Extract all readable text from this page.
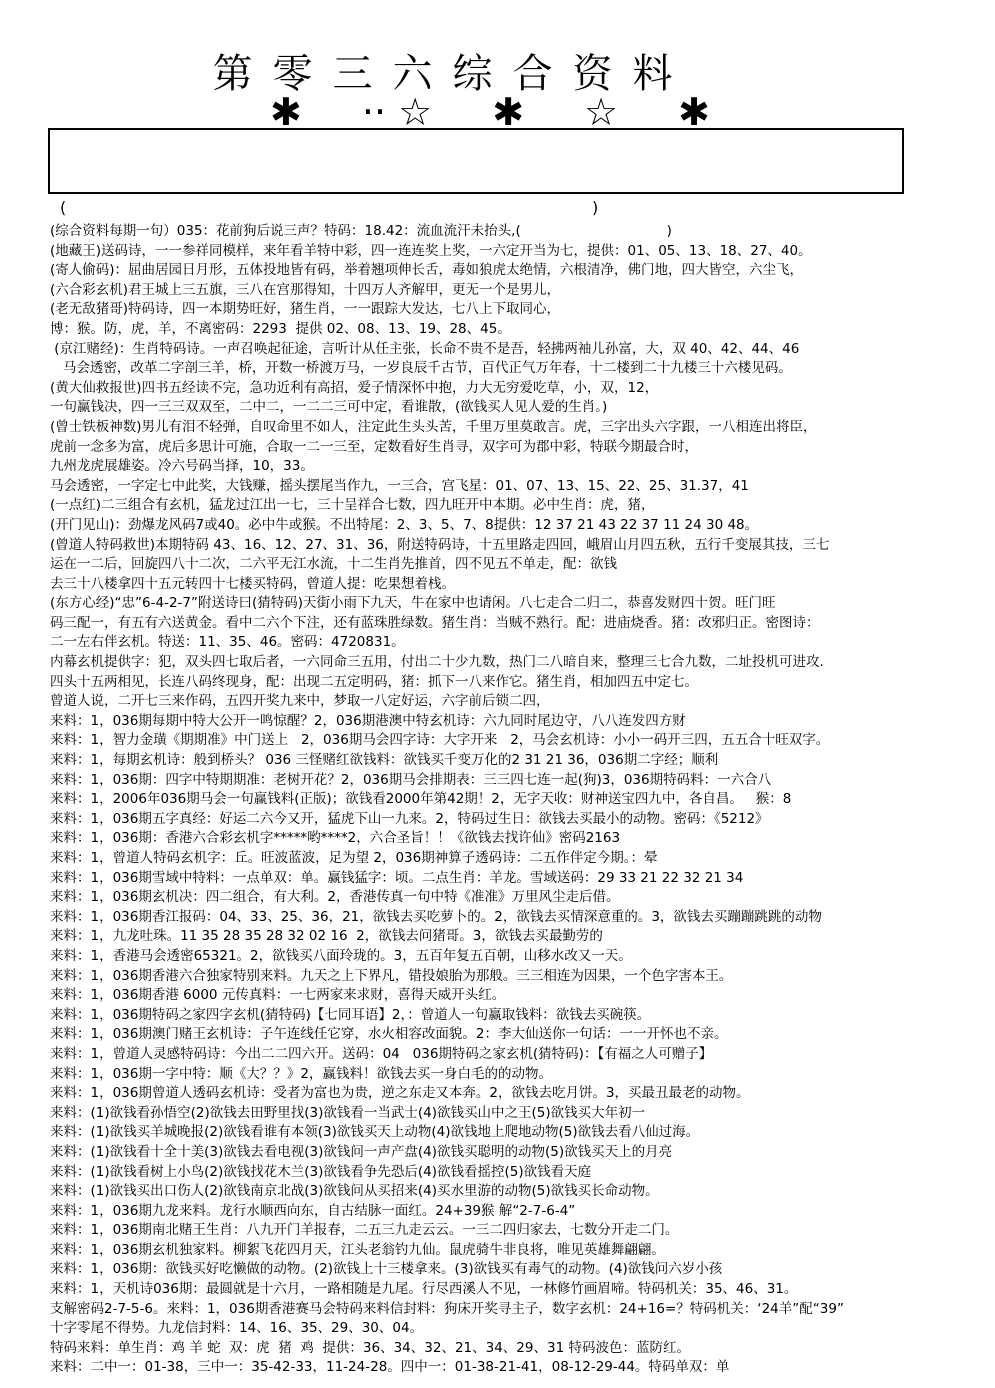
第零三六综合资料
✱ ·· ☆ ✱ ☆ ✱
(	)
(综合资料每期一句）035：花前狗后说三声？特码：18.42：流血流汗未抬头,(                                  )
(地藏王)送码诗，一一参祥同模样，来年看羊特中彩，四一连连奖上奖，一六定开当为七，提供：01、05、13、18、27、40。
(寄人偷码)：屈曲居园日月形，五体投地皆有码，举着翘项伸长舌，毒如狼虎太绝情，六根清净，佛门地，四大皆空，六尘飞，
(六合彩玄机)君王城上三五旗，三八在宫那得知，十四万人齐解甲，更无一个是男儿，
(老无敌猪哥)特码诗，四一本期势旺好，猪生肖，一一跟踪大发达，七八上下取同心，
博：猴。防，虎，羊，不离密码：2293  提供 02、08、13、19、28、45。
(京江赌经)：生肖特码诗。一声召唤起征途，言听计从任主张，长命不贵不是吾，轻拂两袖儿孙富，大，双 40、42、44、46
马会透密，改革二字剖三羊，桥，开数一桥渡万马，一岁良辰千古节，百代正气万年春，十二楼到二十九楼三十六楼见码。
(黄大仙救报世)四书五经读不完，急功近利有高招，爱子情深怀中抱，力大无穷爱吃草，小，双，12，
一句赢钱决，四一三三双双至，二中二，一二二三可中定，看谁散，(欲钱买人见人爱的生肖。)
(曾士铁板神数)男儿有泪不轻弹，自叹命里不如人，注定此生头头苦，千里万里莫敢言。虎，三字出头六字跟，一八相连出将臣，
虎前一念多为富，虎后多思计可施，合取一二一三至，定数看好生肖寻，双字可为郡中彩，特联今期最合时，
九州龙虎展雄姿。冷六号码当择，10，33。
马会透密，一字定七中此奖，大钱赚，摇头摆尾当作九，一三合，宫飞星：01、07、13、15、22、25、31.37，41
(一点红)二三组合有玄机，猛龙过江出一七，三十呈祥合七数，四九旺开中本期。必中生肖：虎，猪，
(开门见山)：劲爆龙风码7或40。必中牛或猴。不出特尾：2、3、5、7、8提供：12 37 21 43 22 37 11 24 30 48。
(曾道人特码救世)本期特码 43、16、12、27、31、36，附送特码诗，十五里路走四回，峨眉山月四五秋，五行千变展其技，三七
运在一二后，回旋四八十二次，二六平无江水流，十二生肖先推首，四不见五不单走，配：欲钱
去三十八楼拿四十五元转四十七楼买特码，曾道人提：吃果想着栈。
(东方心经)“忠”6-4-2-7”附送诗曰(猜特码)天街小雨下九天，牛在家中也请闲。八七走合二归二，恭喜发财四十贺。旺门旺
码三配一，有五有六送黄金。看中二六个下注，还有蓝珠胜绿数。猪生肖：当贼不熟行。配：进庙烧香。猪：改邪归正。密图诗：
二一左右伴玄机。特送：11、35、46。密码：4720831。
内幕玄机提供字：犯，双头四七取后者，一六同命三五用，付出二十少九数，热门二八暗自来，整理三七合九数，二址投机可进攻.
四头十五两相见，长连八码终现身，配：出现二五定明码，猪：抓下一八来作它。猪生肖，相加四五中定七。
曾道人说，二开七三来作码，五四开奖九来中，梦取一八定好运，六字前后锁二四，
来料：1，036期每期中特大公开一鸣惊醒？2，036期港澳中特玄机诗：六九同时尾边守，八八连发四方财
来料：1，智力金璜《期期准》中门送上   2，036期马会四字诗：大字开来   2，马会玄机诗：小小一码开三四，五五合十旺双字。
来料：1，每期玄机诗：般到桥头？ 036 三怪赌红欲钱料：欲钱买千变万化的2 31 21 36，036期二字经；顺利
来料：1，036期：四字中特期期准：老树开花？2，036期马会排期表：三三四七连一起(狗)3，036期特码料：一六合八
来料：1，2006年036期马会一句赢钱料(正版)；欲钱看2000年第42期！2，无字天收：财神送宝四九中，各自昌。   猴：8
来料：1，036期五字真经：好运二六今又开，猛虎下山一九来。2，特码过生日：欲钱去买最小的动物。密码：《5212》
来料：1，036期：香港六合彩玄机字*****哟****2，六合圣旨！！《欲钱去找许仙》密码2163
来料：1，曾道人特码玄机字：丘。旺波蓝波，足为望 2，036期神算子透码诗：二五作伴定今期。：晕
来料：1，036期雪域中特料：一点单双：单。赢钱猛字：顷。二点生肖：羊龙。雪域送码：29 33 21 22 32 21 34
来料：1，036期玄机决：四二组合，有大利。2，香港传真一句中特《准准》万里风尘走后借。
来料：1，036期香江报码：04、33、25、36，21，欲钱去买吃萝卜的。2，欲钱去买情深意重的。3，欲钱去买蹦蹦跳跳的动物
来料：1，九龙吐珠。11 35 28 35 28 32 02 16  2，欲钱去问猪哥。3，欲钱去买最勤劳的
来料：1，香港马会透密65321。2，欲钱买八面玲珑的。3，五百年复五百朝，山移水改又一天。
来料：1，036期香港六合独家特别来料。九天之上下界凡，错投娘胎为那般。三三相连为因果，一个色字害本王。
来料：1，036期香港 6000 元传真料：一七两家来求财，喜得天威开头红。
来料：1，036期特码之家四字玄机(猜特码)【七同耳语】2，：曾道人一句赢取钱料：欲钱去买碗筷。
来料：1，036期澳门赌王玄机诗：子午连线任它穿，水火相容改面貌。2：李大仙送你一句话：一一开怀也不亲。
来料：1，曾道人灵感特码诗：今出二二四六开。送码：04   036期特码之家玄机(猜特码)：【有福之人可赠子】
来料：1，036期一字中特：顺《大？？》2，赢钱料！欲钱去买一身白毛的的动物。
来料：1，036期曾道人透码玄机诗：受者为富也为贵，逆之东走又本奔。2，欲钱去吃月饼。3，买最丑最老的动物。
来料：(1)欲钱看孙悟空(2)欲钱去田野里找(3)欲钱看一当武士(4)欲钱买山中之王(5)欲钱买大年初一
来料：(1)欲钱买羊城晚报(2)欲钱看谁有本领(3)欲钱买天上动物(4)欲钱地上爬地动物(5)欲钱去看八仙过海。
来料：(1)欲钱看十全十美(3)欲钱去看电视(3)欲钱问一声产盘(4)欲钱买聪明的动物(5)欲钱买天上的月亮
来料：(1)欲钱看树上小鸟(2)欲钱找花木兰(3)欲钱看争先恐后(4)欲钱看摇控(5)欲钱看天庭
来料：(1)欲钱买出口伤人(2)欲钱南京北战(3)欲钱问从买招来(4)买水里游的动物(5)欲钱买长命动物。
来料：1，036期九龙来料。龙行水顺西向东，自古结脉一面红。24+39猴 解“2-7-6-4”
来料：1，036期南北赌王生肖：八九开门羊报春，二五三九走云云。一三二四归家去，七数分开走二门。
来料：1，036期玄机独家料。柳絮飞花四月天，江头老翁钓九仙。鼠虎骑牛非良将，唯见英雄舞翩翩。
来料：1，036期：欲钱买好吃懒做的动物。(2)欲钱上十三楼拿来。(3)欲钱买有毒气的动物。(4)欲钱问六岁小孩
来料：1，天机诗036期：最圆就是十六月，一路相随是九尾。行尽西溪人不见，一林修竹画眉啼。特码机关：35、46、31。
支解密码2-7-5-6。来料：1，036期香港赛马会特码来料信封料：狗床开奖寻主子，数字玄机：24+16=？特码机关：‘24羊”配“39”
十字零尾不得势。九龙信封料：14、16、35、29、30、04。
特码来料：单生肖：鸡 羊 蛇  双：虎  猪  鸡  提供：36、34、32、21、34、29、31 特码波色：蓝防红。
来料：二中一：01-38，三中一：35-42-33，11-24-28。四中一：01-38-21-41，08-12-29-44。特码单双：单
